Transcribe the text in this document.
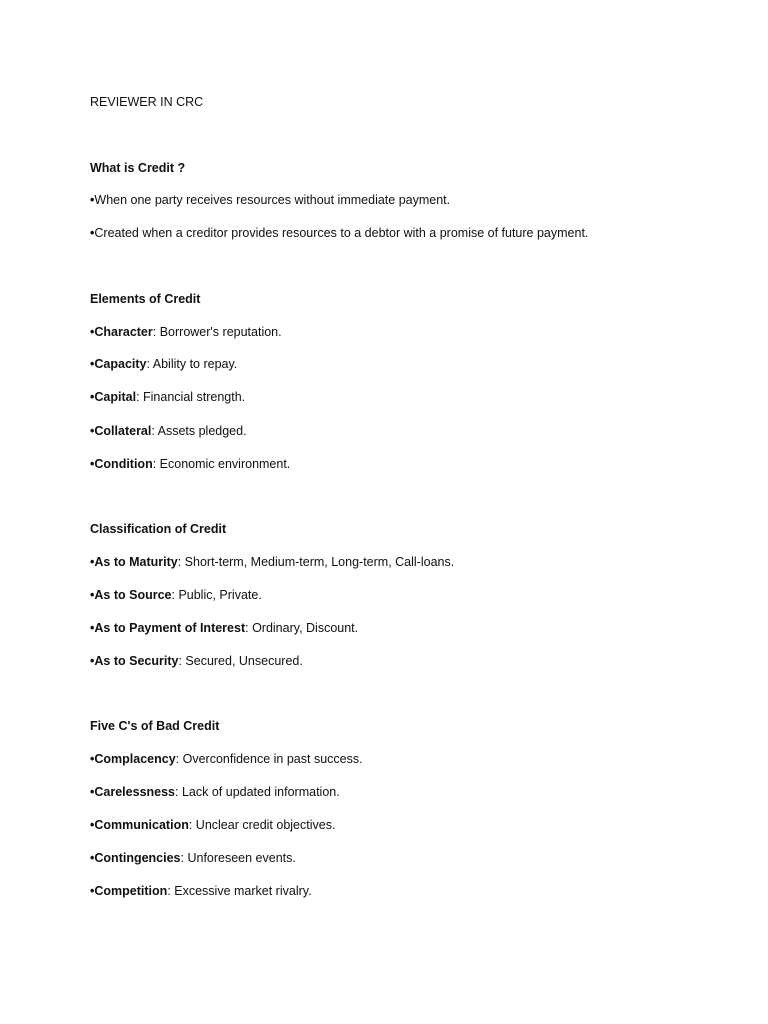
REVIEWER IN CRC

What is Credit ?

•When one party receives resources without immediate payment.

•Created when a creditor provides resources to a debtor with a promise of future payment.

Elements of Credit

•Character: Borrower's reputation.

•Capacity: Ability to repay.

•Capital: Financial strength.

•Collateral: Assets pledged.

•Condition: Economic environment.

Classification of Credit

•As to Maturity: Short-term, Medium-term, Long-term, Call-loans.

•As to Source: Public, Private.

•As to Payment of Interest: Ordinary, Discount.

•As to Security: Secured, Unsecured.

Five C's of Bad Credit

•Complacency: Overconfidence in past success.

•Carelessness: Lack of updated information.

•Communication: Unclear credit objectives.

•Contingencies: Unforeseen events.

•Competition: Excessive market rivalry.
